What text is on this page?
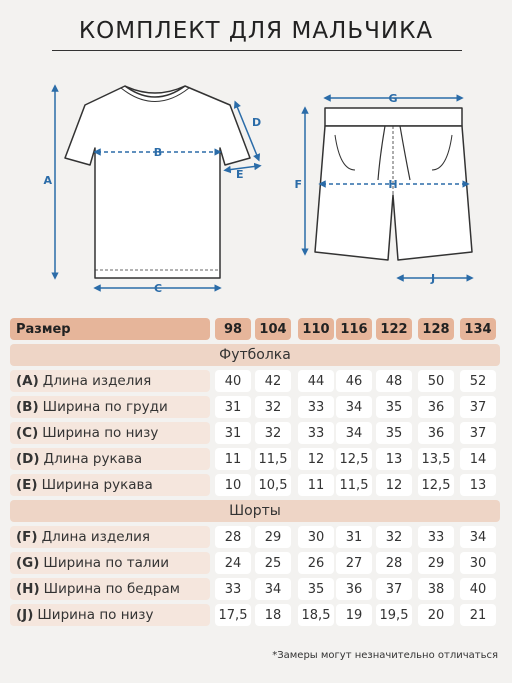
КОМПЛЕКТ ДЛЯ МАЛЬЧИКА
A
B
C
D
E
G
F	H
J
Размер	98	104	110 116 122	128	134
Футболка
(A) Длина изделия	40	42	44	46	48	50	52
(B) Ширина по груди	31	32	33	34	35	36	37
(C) Ширина по низу	31	32	33	34	35	36	37
(D) Длина рукава	11	11,5	12	12,5	13	13,5	14
(E) Ширина рукава	10	10,5	11	11,5	12	12,5	13
Шорты
(F) Длина изделия	28	29	30	31	32	33	34
(G) Ширина по талии	24	25	26	27	28	29	30
(H) Ширина по бедрам	33	34	35	36	37	38	40
(J) Ширина по низу	17,5	18	18,5	19	19,5	20	21
*Замеры могут незначительно отличаться
